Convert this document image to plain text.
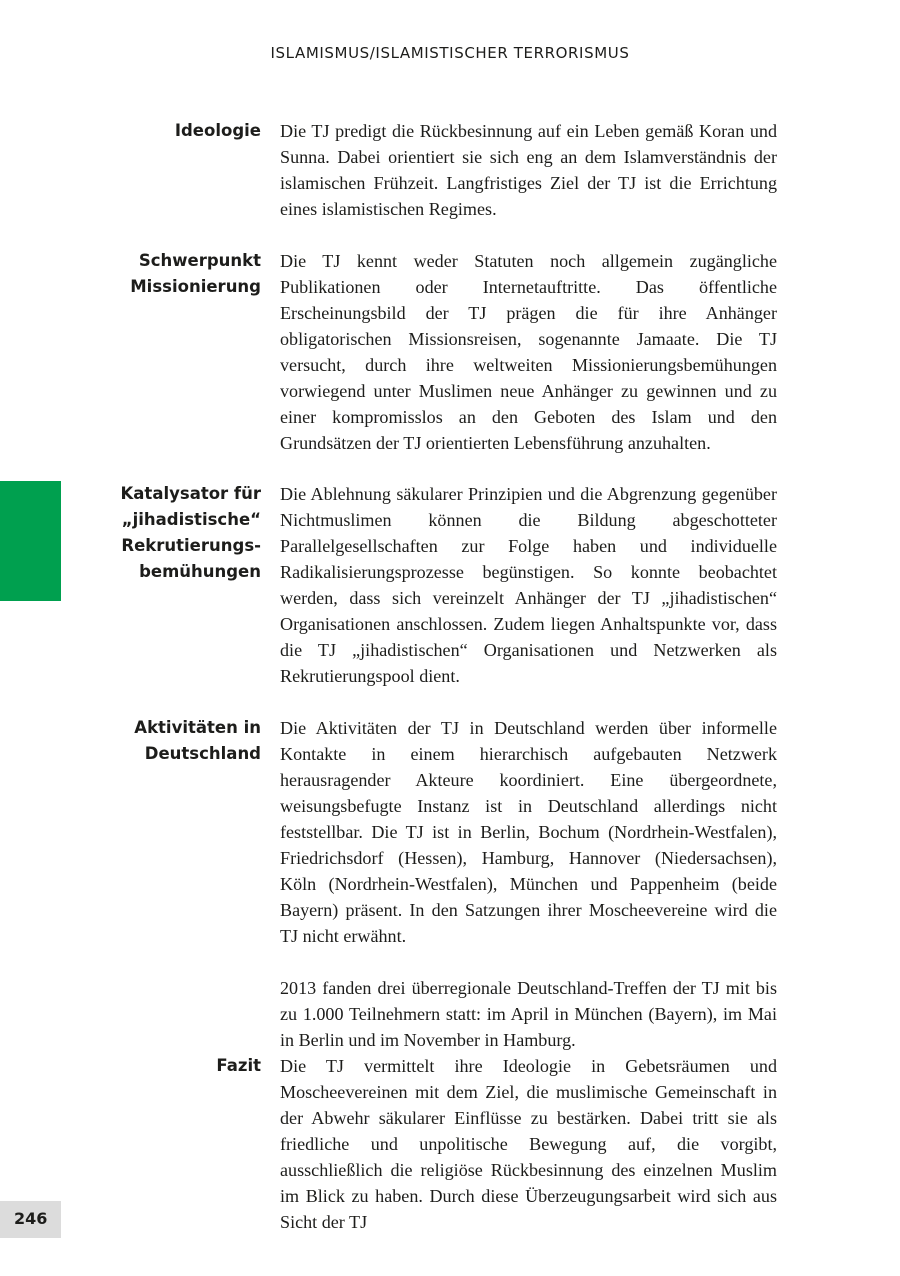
ISLAMISMUS/ISLAMISTISCHER TERRORISMUS
Ideologie Die TJ predigt die Rückbesinnung auf ein Leben gemäß Koran und Sunna. Dabei orientiert sie sich eng an dem Islamverständnis der islamischen Frühzeit. Langfristiges Ziel der TJ ist die Errichtung eines islamistischen Regimes.

Schwerpunkt
Missionierung

Die TJ kennt weder Statuten noch allgemein zugängliche Publikationen oder Internetauftritte. Das öffentliche Erscheinungsbild der TJ prägen die für ihre Anhänger obligatorischen Missionsreisen, sogenannte Jamaate. Die TJ versucht, durch ihre weltweiten Missionierungsbemühungen vorwiegend unter Muslimen neue Anhänger zu gewinnen und zu einer kompromisslos an den Geboten des Islam und den Grundsätzen der TJ orientierten Lebensführung anzuhalten.

Katalysator für
„jihadistische“
Rekrutierungs-
bemühungen

Die Ablehnung säkularer Prinzipien und die Abgrenzung gegenüber Nichtmuslimen können die Bildung abgeschotteter Parallelgesellschaften zur Folge haben und individuelle Radikalisierungsprozesse begünstigen. So konnte beobachtet werden, dass sich vereinzelt Anhänger der TJ „jihadistischen“ Organisationen anschlossen. Zudem liegen Anhaltspunkte vor, dass die TJ „jihadistischen“ Organisationen und Netzwerken als Rekrutierungspool dient.

Aktivitäten in
Deutschland

Die Aktivitäten der TJ in Deutschland werden über informelle Kontakte in einem hierarchisch aufgebauten Netzwerk herausragender Akteure koordiniert. Eine übergeordnete, weisungsbefugte Instanz ist in Deutschland allerdings nicht feststellbar. Die TJ ist in Berlin, Bochum (Nordrhein-Westfalen), Friedrichsdorf (Hessen), Hamburg, Hannover (Niedersachsen), Köln (Nordrhein-Westfalen), München und Pappenheim (beide Bayern) präsent. In den Satzungen ihrer Moscheevereine wird die TJ nicht erwähnt.

2013 fanden drei überregionale Deutschland-Treffen der TJ mit bis zu 1.000 Teilnehmern statt: im April in München (Bayern), im Mai in Berlin und im November in Hamburg.

Fazit Die TJ vermittelt ihre Ideologie in Gebetsräumen und Moscheevereinen mit dem Ziel, die muslimische Gemeinschaft in der Abwehr säkularer Einflüsse zu bestärken. Dabei tritt sie als friedliche und unpolitische Bewegung auf, die vorgibt, ausschließlich die religiöse Rückbesinnung des einzelnen Muslim im Blick zu haben. Durch diese Überzeugungsarbeit wird sich aus Sicht der TJ

246
